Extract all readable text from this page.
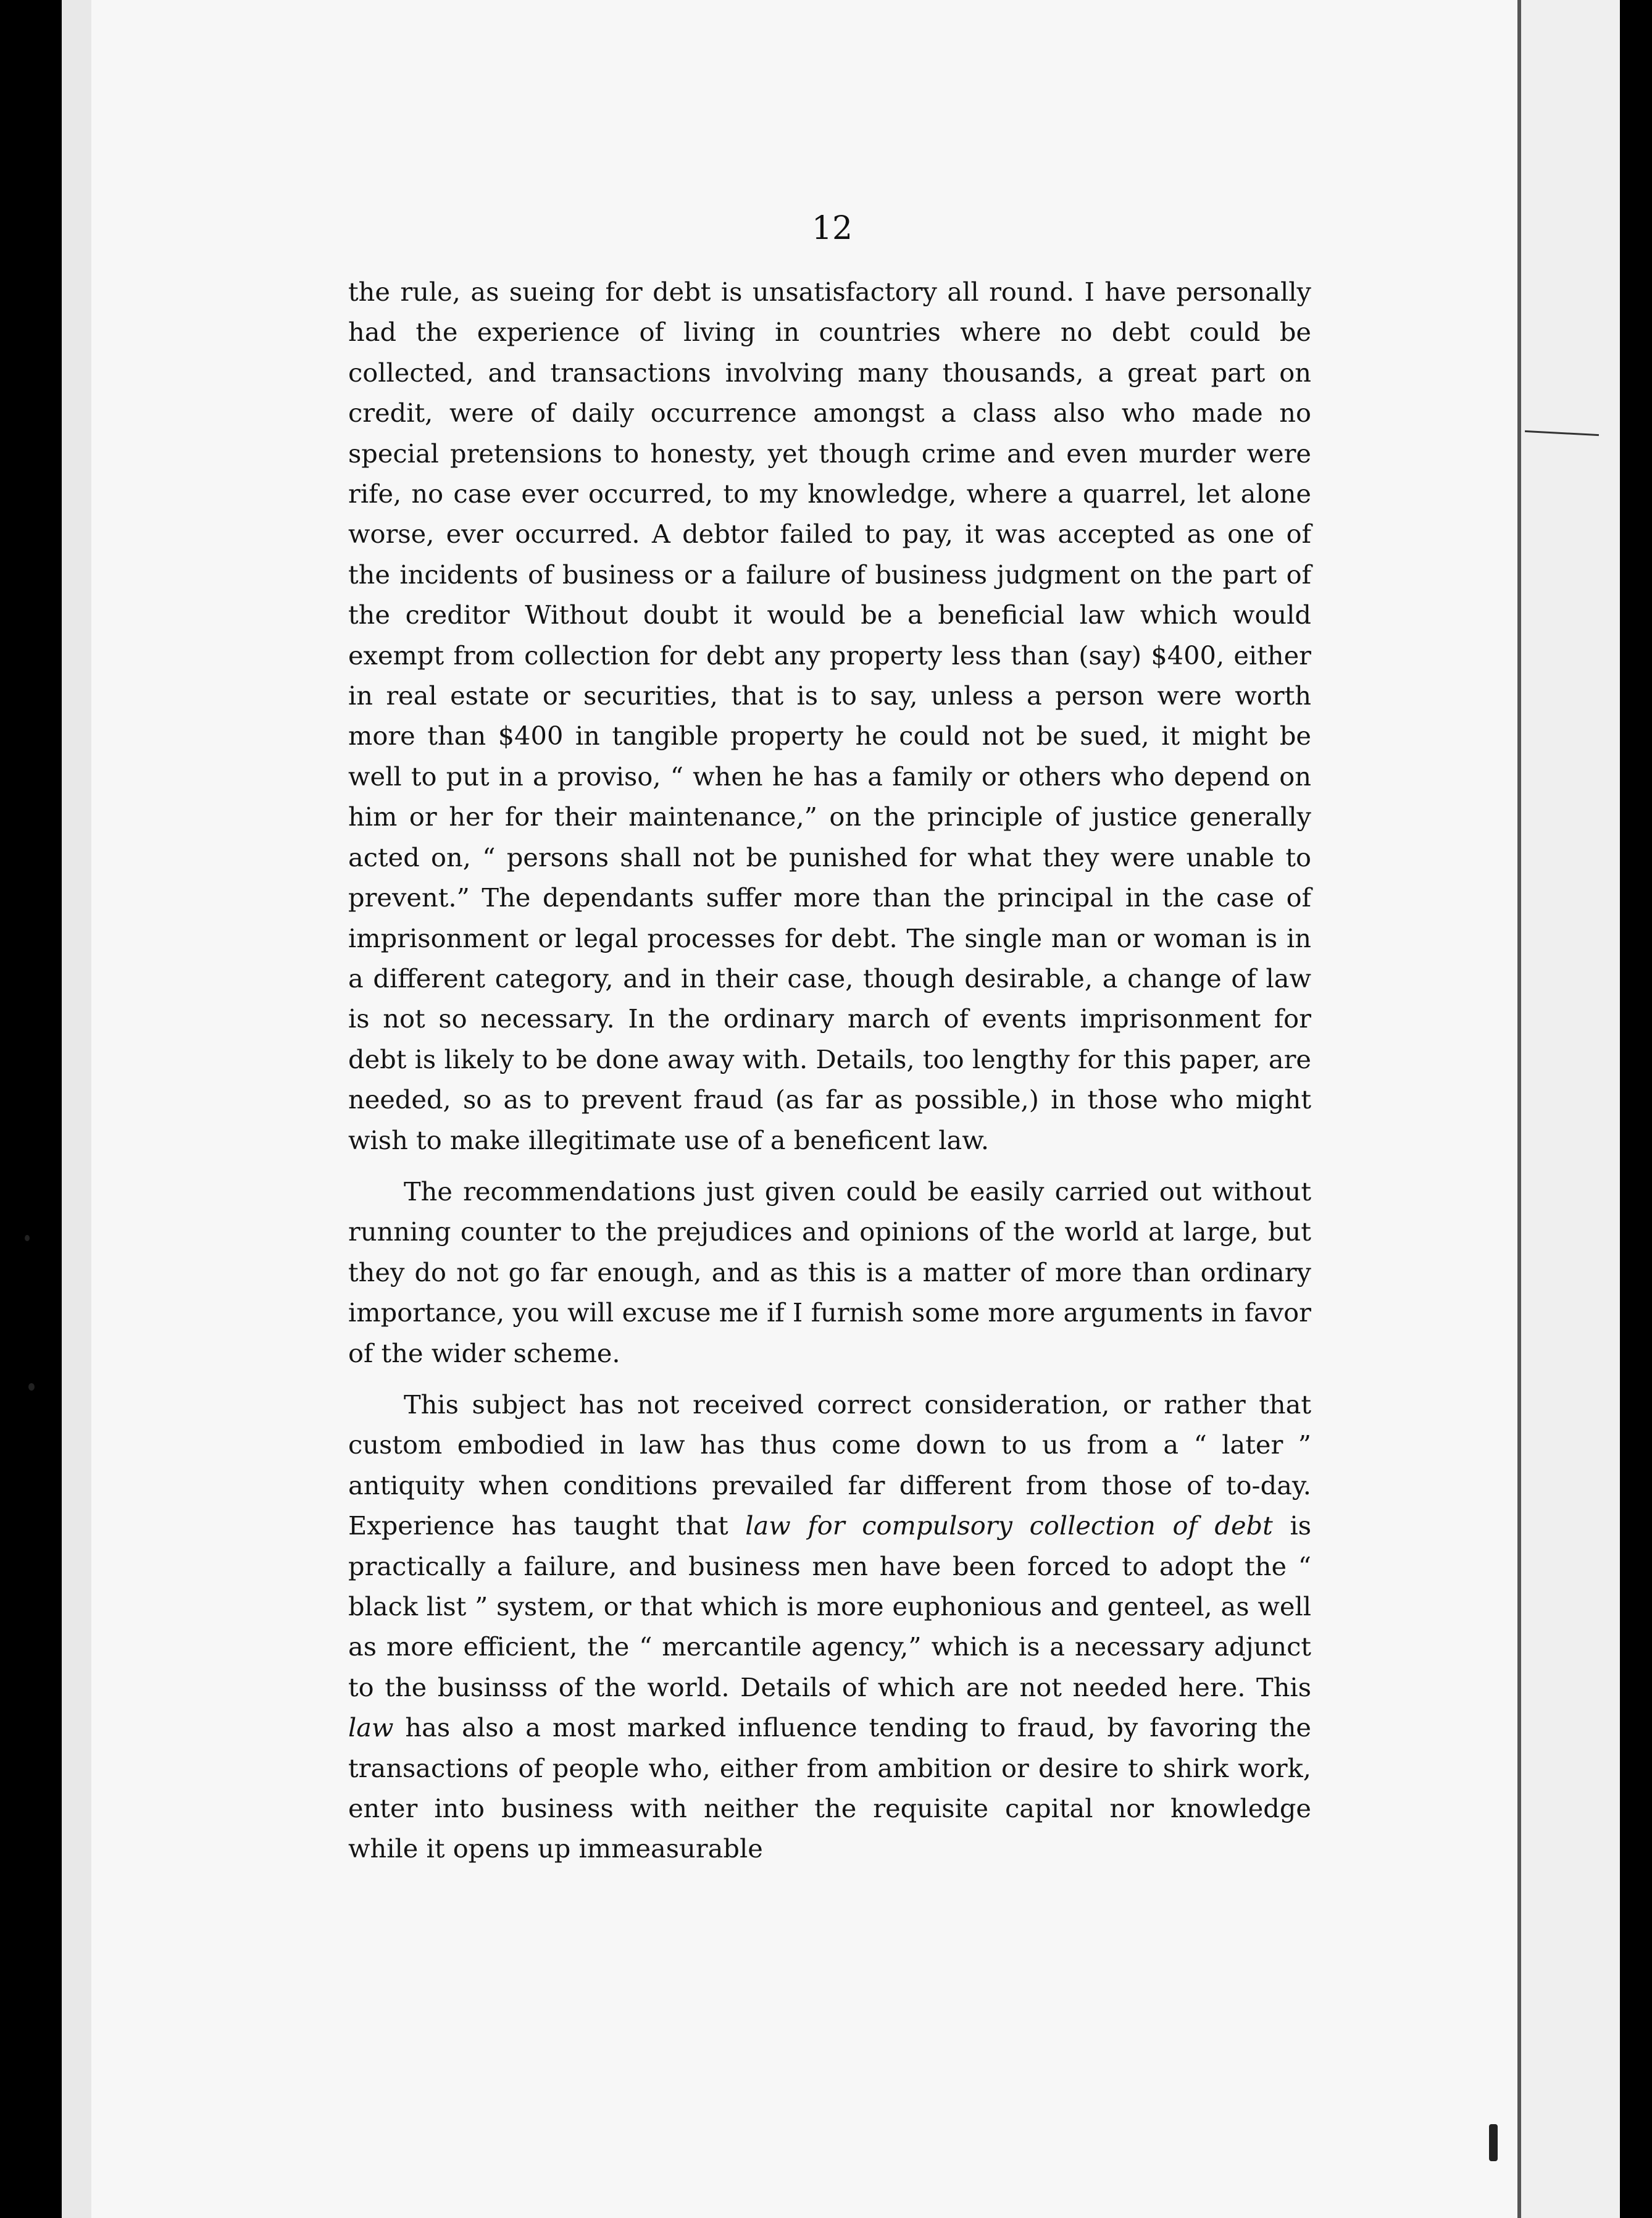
12

the rule, as sueing for debt is unsatisfactory all round. I have personally had the experience of living in countries where no debt could be collected, and transactions involving many thousands, a great part on credit, were of daily occurrence amongst a class also who made no special pretensions to honesty, yet though crime and even murder were rife, no case ever occurred, to my knowledge, where a quarrel, let alone worse, ever occurred. A debtor failed to pay, it was accepted as one of the incidents of business or a failure of business judgment on the part of the creditor Without doubt it would be a beneficial law which would exempt from collection for debt any property less than (say) $400, either in real estate or securities, that is to say, unless a person were worth more than $400 in tangible property he could not be sued, it might be well to put in a proviso, “ when he has a family or others who depend on him or her for their maintenance,” on the principle of justice generally acted on, “ persons shall not be punished for what they were unable to prevent.” The dependants suffer more than the principal in the case of imprisonment or legal processes for debt. The single man or woman is in a different category, and in their case, though desirable, a change of law is not so necessary. In the ordinary march of events imprisonment for debt is likely to be done away with. Details, too lengthy for this paper, are needed, so as to prevent fraud (as far as possible,) in those who might wish to make illegitimate use of a beneficent law.

The recommendations just given could be easily carried out without running counter to the prejudices and opinions of the world at large, but they do not go far enough, and as this is a matter of more than ordinary importance, you will excuse me if I furnish some more arguments in favor of the wider scheme.

This subject has not received correct consideration, or rather that custom embodied in law has thus come down to us from a “ later ” antiquity when conditions prevailed far different from those of to-day. Experience has taught that law for compulsory collection of debt is practically a failure, and business men have been forced to adopt the “ black list ” system, or that which is more euphonious and genteel, as well as more efficient, the “ mercantile agency,” which is a necessary adjunct to the businsss of the world. Details of which are not needed here. This law has also a most marked influence tending to fraud, by favoring the transactions of people who, either from ambition or desire to shirk work, enter into business with neither the requisite capital nor knowledge while it opens up immeasurable
